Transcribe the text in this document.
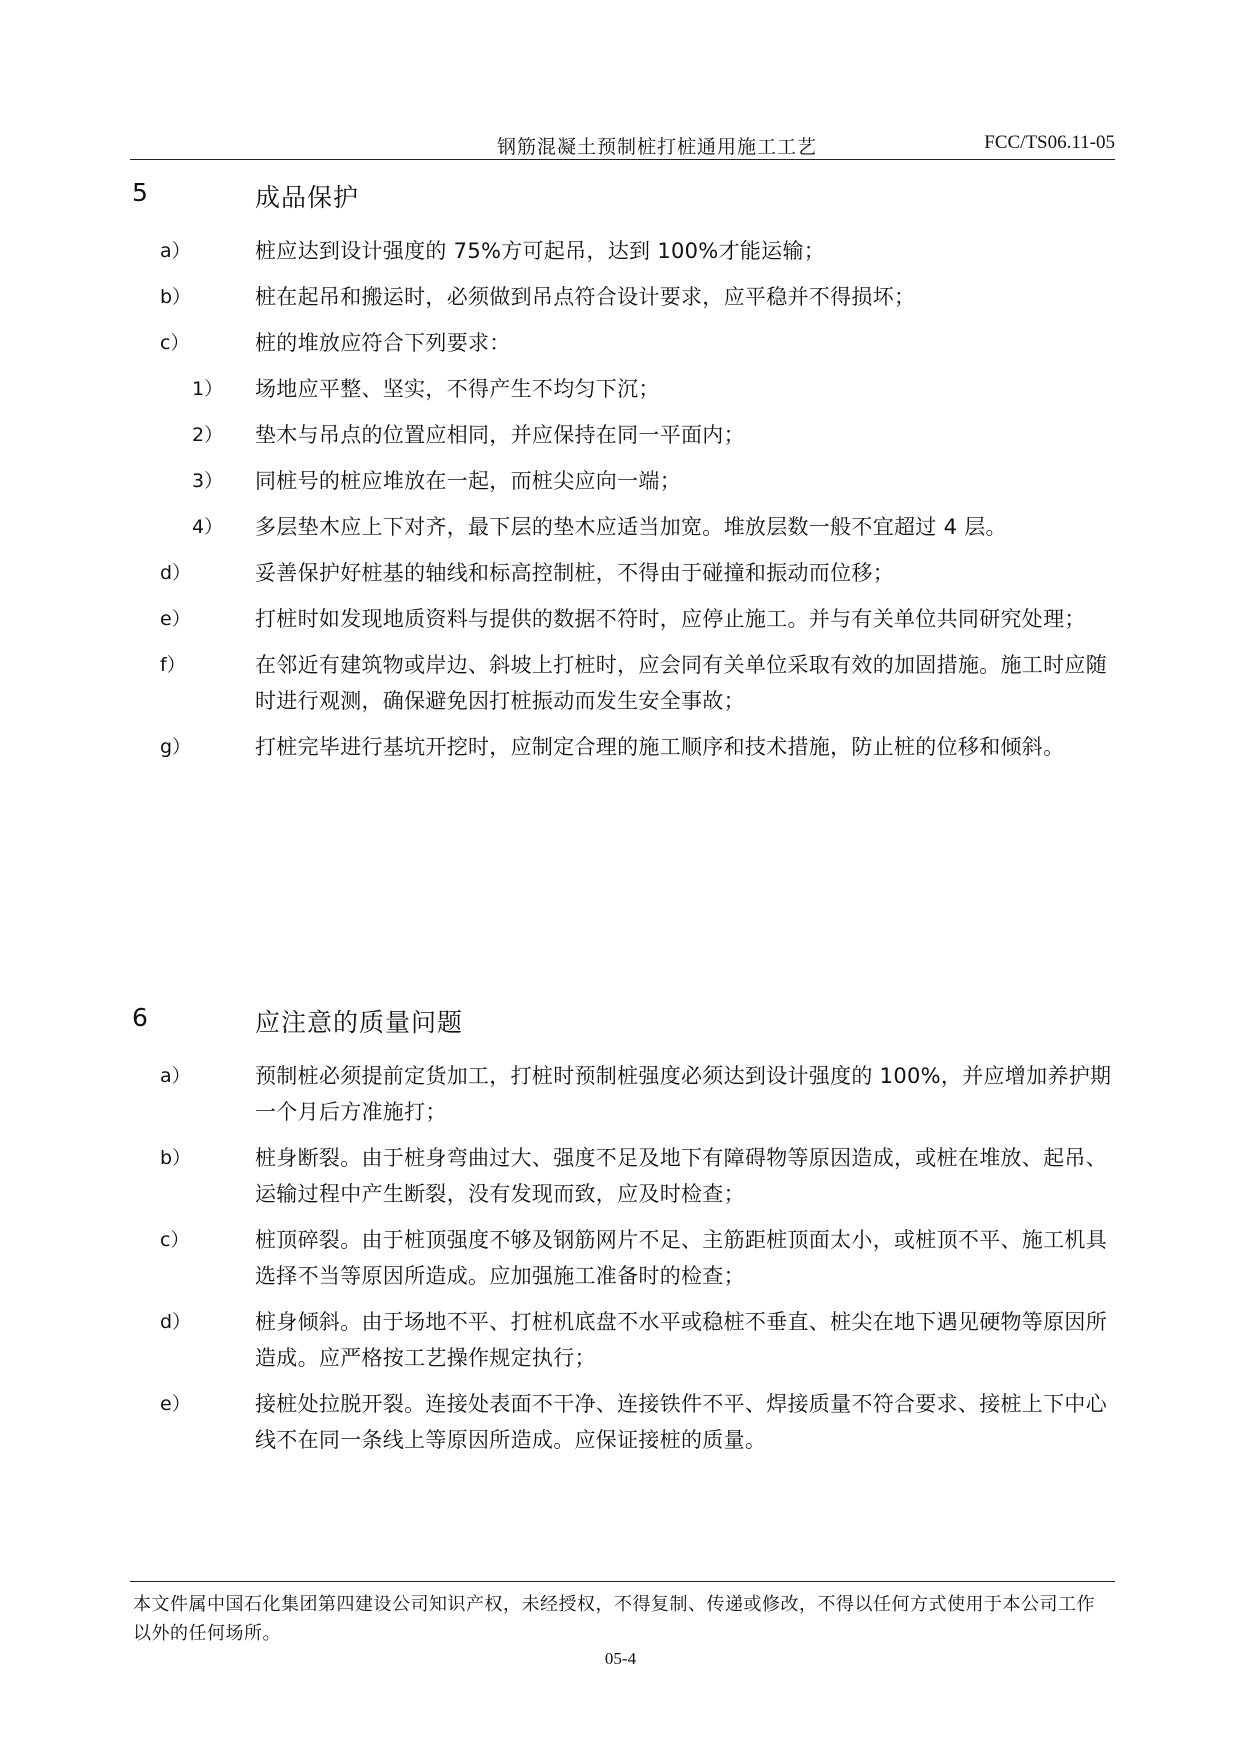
钢筋混凝土预制桩打桩通用施工工艺	FCC/TS06.11-05
5	成品保护
a）	桩应达到设计强度的 75%方可起吊，达到 100%才能运输；
b）	桩在起吊和搬运时，必须做到吊点符合设计要求，应平稳并不得损坏；
c）	桩的堆放应符合下列要求：
1） 场地应平整、坚实，不得产生不均匀下沉；
2） 垫木与吊点的位置应相同，并应保持在同一平面内；
3） 同桩号的桩应堆放在一起，而桩尖应向一端；
4） 多层垫木应上下对齐，最下层的垫木应适当加宽。堆放层数一般不宜超过 4 层。
d）	妥善保护好桩基的轴线和标高控制桩，不得由于碰撞和振动而位移；
e）	打桩时如发现地质资料与提供的数据不符时，应停止施工。并与有关单位共同研究处理；
f）	在邻近有建筑物或岸边、斜坡上打桩时，应会同有关单位采取有效的加固措施。施工时应随时进行观测，确保避免因打桩振动而发生安全事故；
g）	打桩完毕进行基坑开挖时，应制定合理的施工顺序和技术措施，防止桩的位移和倾斜。
6	应注意的质量问题
a）	预制桩必须提前定货加工，打桩时预制桩强度必须达到设计强度的 100%，并应增加养护期一个月后方准施打；
b）	桩身断裂。由于桩身弯曲过大、强度不足及地下有障碍物等原因造成，或桩在堆放、起吊、运输过程中产生断裂，没有发现而致，应及时检查；
c）	桩顶碎裂。由于桩顶强度不够及钢筋网片不足、主筋距桩顶面太小，或桩顶不平、施工机具选择不当等原因所造成。应加强施工准备时的检查；
d）	桩身倾斜。由于场地不平、打桩机底盘不水平或稳桩不垂直、桩尖在地下遇见硬物等原因所造成。应严格按工艺操作规定执行；
e）	接桩处拉脱开裂。连接处表面不干净、连接铁件不平、焊接质量不符合要求、接桩上下中心线不在同一条线上等原因所造成。应保证接桩的质量。
本文件属中国石化集团第四建设公司知识产权，未经授权，不得复制、传递或修改，不得以任何方式使用于本公司工作以外的任何场所。
05-4
